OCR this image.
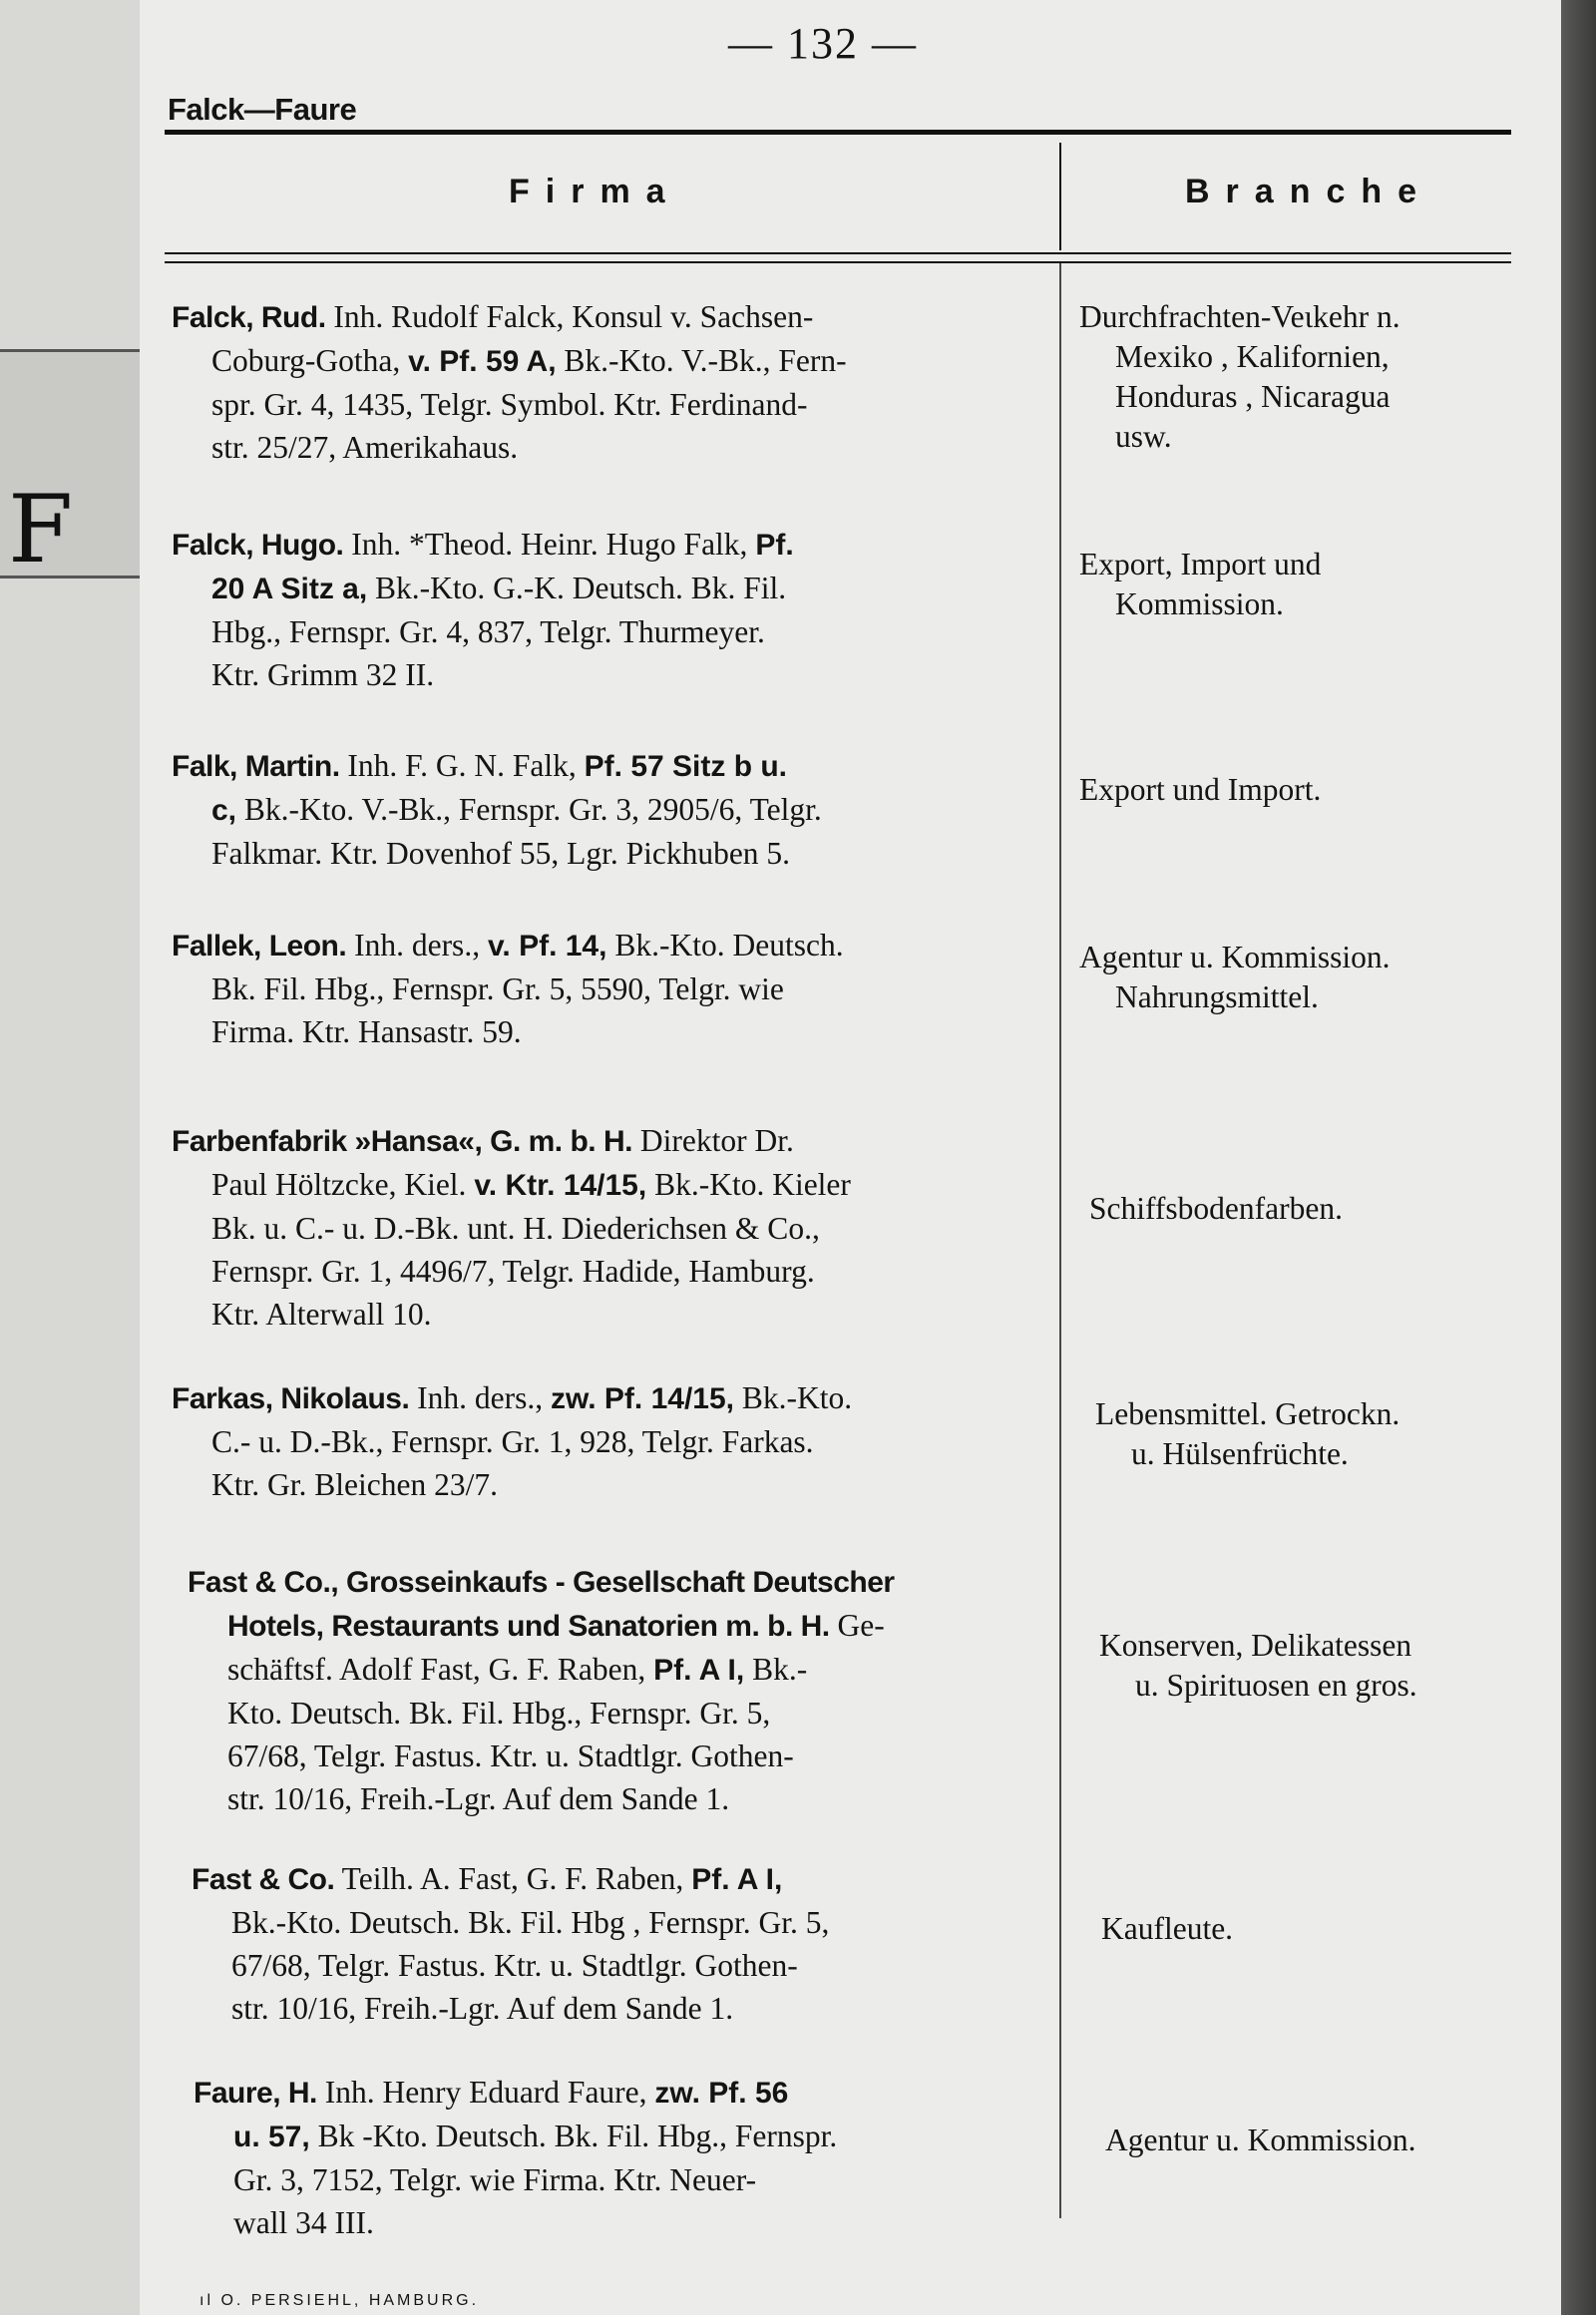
F
— 132 —
Falck—Faure
Firma	Branche

Falck, Rud. Inh. Rudolf Falck, Konsul v. Sachsen-

Coburg-Gotha, v. Pf. 59 A, Bk.-Kto. V.-Bk., Fern-

spr. Gr. 4, 1435, Telgr. Symbol. Ktr. Ferdinand-

str. 25/27, Amerikahaus.

Durchfrachten-Veɩkehr n.

Mexiko , Kalifornien,

Honduras , Nicaragua

usw.

Falck, Hugo. Inh. *Theod. Heinr. Hugo Falk, Pf.

20 A Sitz a, Bk.-Kto. G.-K. Deutsch. Bk. Fil.

Hbg., Fernspr. Gr. 4, 837, Telgr. Thurmeyer.

Ktr. Grimm 32 II.

Export, Import und

Kommission.

Falk, Martin. Inh. F. G. N. Falk, Pf. 57 Sitz b u.

c, Bk.-Kto. V.-Bk., Fernspr. Gr. 3, 2905/6, Telgr.

Falkmar. Ktr. Dovenhof 55, Lgr. Pickhuben 5.

Export und Import.

Fallek, Leon. Inh. ders., v. Pf. 14, Bk.-Kto. Deutsch.

Bk. Fil. Hbg., Fernspr. Gr. 5, 5590, Telgr. wie

Firma. Ktr. Hansastr. 59.

Agentur u. Kommission.

Nahrungsmittel.

Farbenfabrik »Hansa«, G. m. b. H. Direktor Dr.

Paul Höltzcke, Kiel. v. Ktr. 14/15, Bk.-Kto. Kieler

Bk. u. C.- u. D.-Bk. unt. H. Diederichsen & Co.,

Fernspr. Gr. 1, 4496/7, Telgr. Hadide, Hamburg.

Ktr. Alterwall 10.

Schiffsbodenfarben.

Farkas, Nikolaus. Inh. ders., zw. Pf. 14/15, Bk.-Kto.

C.- u. D.-Bk., Fernspr. Gr. 1, 928, Telgr. Farkas.

Ktr. Gr. Bleichen 23/7.

Lebensmittel. Getrockn.

u. Hülsenfrüchte.

Fast & Co., Grosseinkaufs - Gesellschaft Deutscher

Hotels, Restaurants und Sanatorien m. b. H. Ge-

schäftsf. Adolf Fast, G. F. Raben, Pf. A I, Bk.-

Kto. Deutsch. Bk. Fil. Hbg., Fernspr. Gr. 5,

67/68, Telgr. Fastus. Ktr. u. Stadtlgr. Gothen-

str. 10/16, Freih.-Lgr. Auf dem Sande 1.

Konserven, Delikatessen

u. Spirituosen en gros.

Fast & Co. Teilh. A. Fast, G. F. Raben, Pf. A I,

Bk.-Kto. Deutsch. Bk. Fil. Hbg , Fernspr. Gr. 5,

67/68, Telgr. Fastus. Ktr. u. Stadtlgr. Gothen-

str. 10/16, Freih.-Lgr. Auf dem Sande 1.

Kaufleute.

Faure, H. Inh. Henry Eduard Faure, zw. Pf. 56

u. 57, Bk -Kto. Deutsch. Bk. Fil. Hbg., Fernspr.

Gr. 3, 7152, Telgr. wie Firma. Ktr. Neuer-

wall 34 III.

Agentur u. Kommission.

ıl O. PERSIEHL, HAMBURG.
